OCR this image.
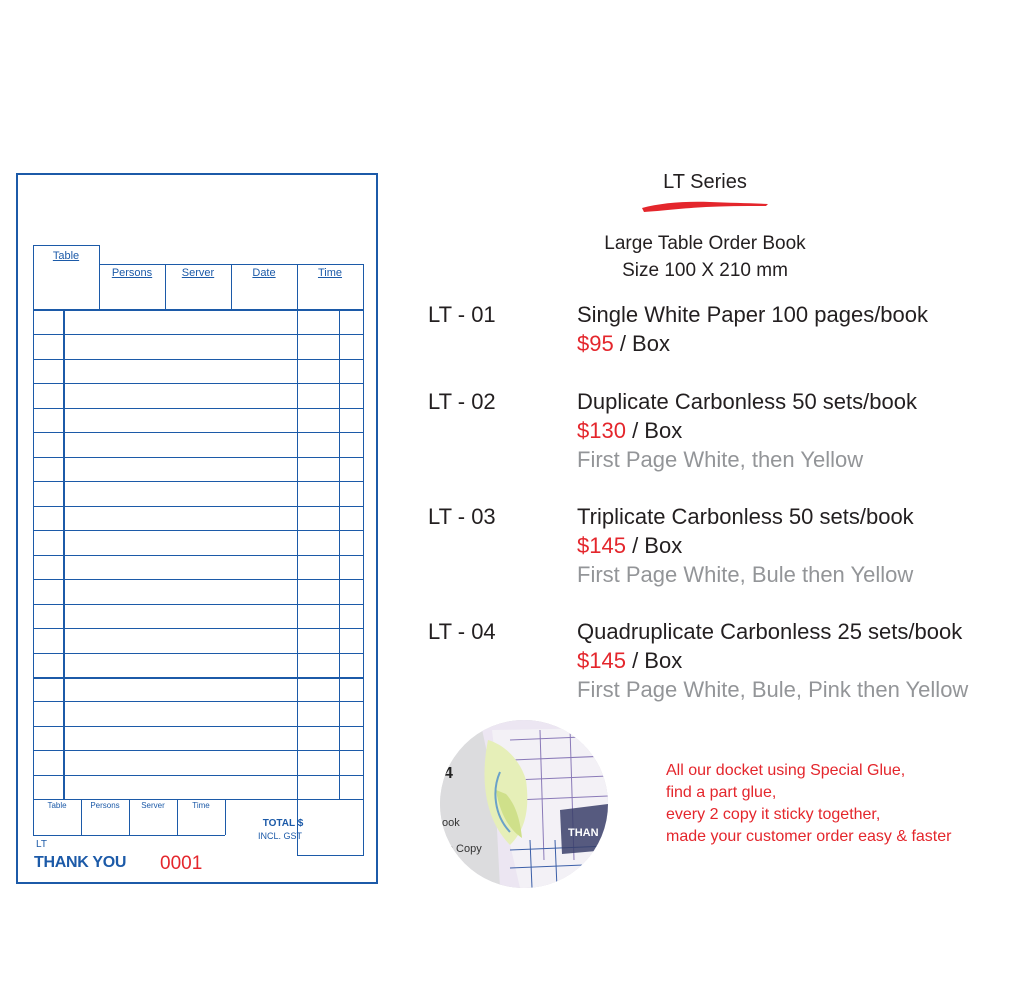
Table
Persons	Server	Date	Time
Table	Persons	Server	Time
TOTAL $
INCL. GST
LT
THANK YOU 0001
LT Series
Large Table Order Book
Size 100 X 210 mm
LT - 01	Single White Paper 100 pages/book
$95 / Box
LT - 02	Duplicate Carbonless 50 sets/book
$130 / Box
First Page White, then Yellow
LT - 03	Triplicate Carbonless 50 sets/book
$145 / Box
First Page White, Bule then Yellow
LT - 04	Quadruplicate Carbonless 25 sets/book
$145 / Box
First Page White, Bule, Pink then Yellow
THAN
4
ook
ss Copy
All our docket using Special Glue,
find a part glue,
every 2 copy it sticky together,
made your customer order easy & faster
